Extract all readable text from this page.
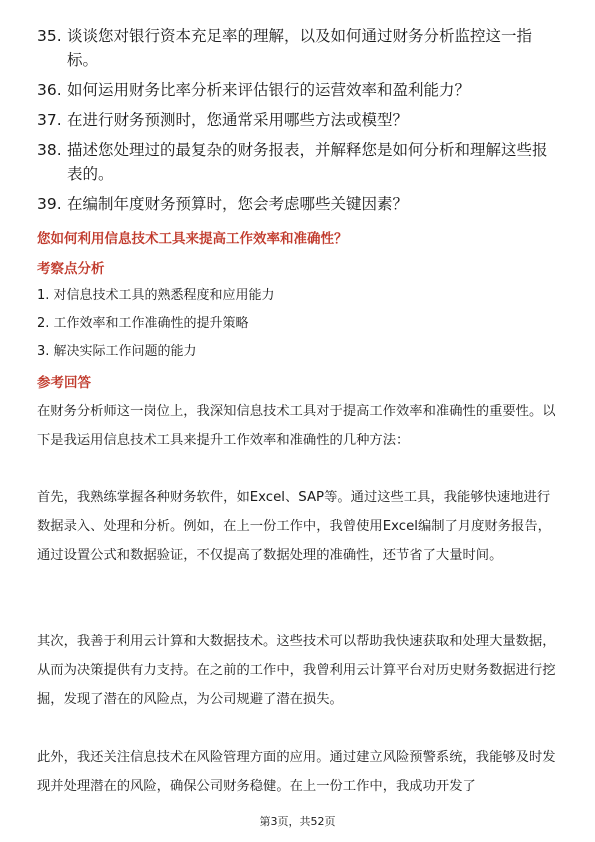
35. 谈谈您对银行资本充足率的理解，以及如何通过财务分析监控这一指标。
36. 如何运用财务比率分析来评估银行的运营效率和盈利能力？
37. 在进行财务预测时，您通常采用哪些方法或模型？
38. 描述您处理过的最复杂的财务报表，并解释您是如何分析和理解这些报表的。
39. 在编制年度财务预算时，您会考虑哪些关键因素？
您如何利用信息技术工具来提高工作效率和准确性？
考察点分析
1. 对信息技术工具的熟悉程度和应用能力
2. 工作效率和工作准确性的提升策略
3. 解决实际工作问题的能力
参考回答

在财务分析师这一岗位上，我深知信息技术工具对于提高工作效率和准确性的重要性。以下是我运用信息技术工具来提升工作效率和准确性的几种方法：

首先，我熟练掌握各种财务软件，如Excel、SAP等。通过这些工具，我能够快速地进行数据录入、处理和分析。例如，在上一份工作中，我曾使用Excel编制了月度财务报告，通过设置公式和数据验证，不仅提高了数据处理的准确性，还节省了大量时间。

其次，我善于利用云计算和大数据技术。这些技术可以帮助我快速获取和处理大量数据，从而为决策提供有力支持。在之前的工作中，我曾利用云计算平台对历史财务数据进行挖掘，发现了潜在的风险点，为公司规避了潜在损失。

此外，我还关注信息技术在风险管理方面的应用。通过建立风险预警系统，我能够及时发现并处理潜在的风险，确保公司财务稳健。在上一份工作中，我成功开发了

第3页，共52页
